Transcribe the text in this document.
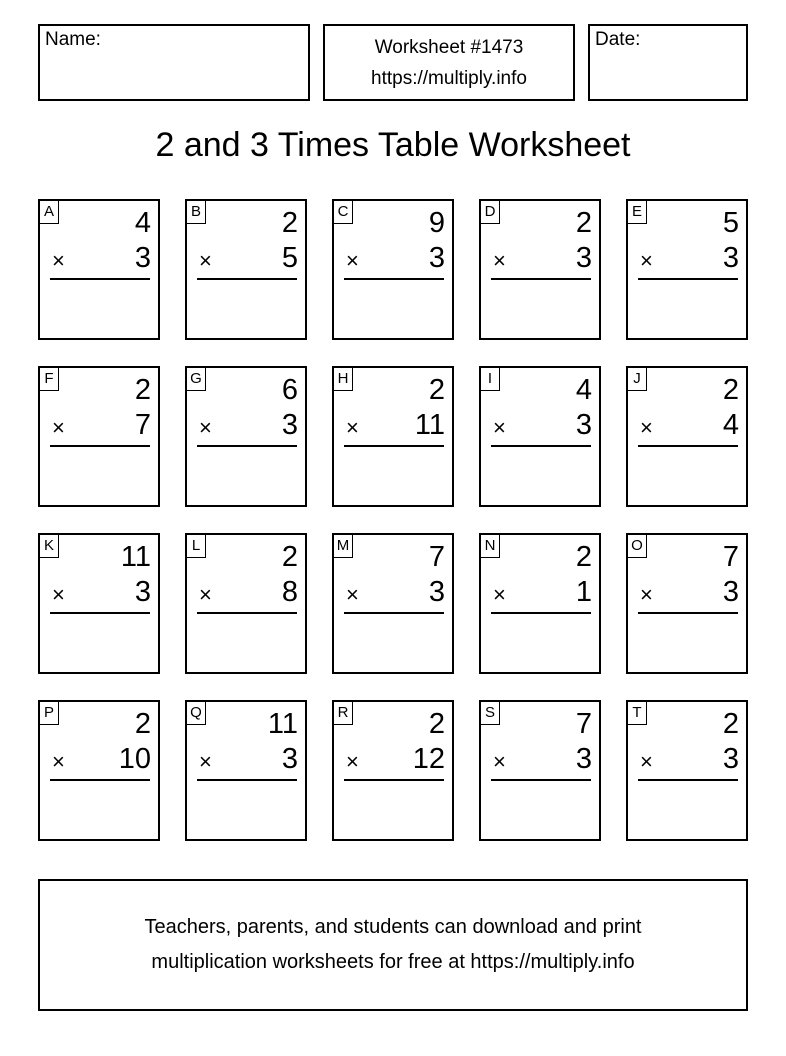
Name:	Worksheet #1473
https://multiply.info
Date:
2 and 3 Times Table Worksheet
A	4
× 3
B	2
× 5
C	9
× 3
D	2
× 3
E	5
× 3
F	2
× 7
G	6
× 3
H	2
× 11
I	4
× 3
J	2
× 4
K 11
× 3
L	2
× 8
M	7
× 3
N	2
× 1
O	7
× 3
P	2
× 10
Q 11
× 3
R	2
× 12
S	7
× 3
T	2
× 3
Teachers, parents, and students can download and print
multiplication worksheets for free at https://multiply.info
